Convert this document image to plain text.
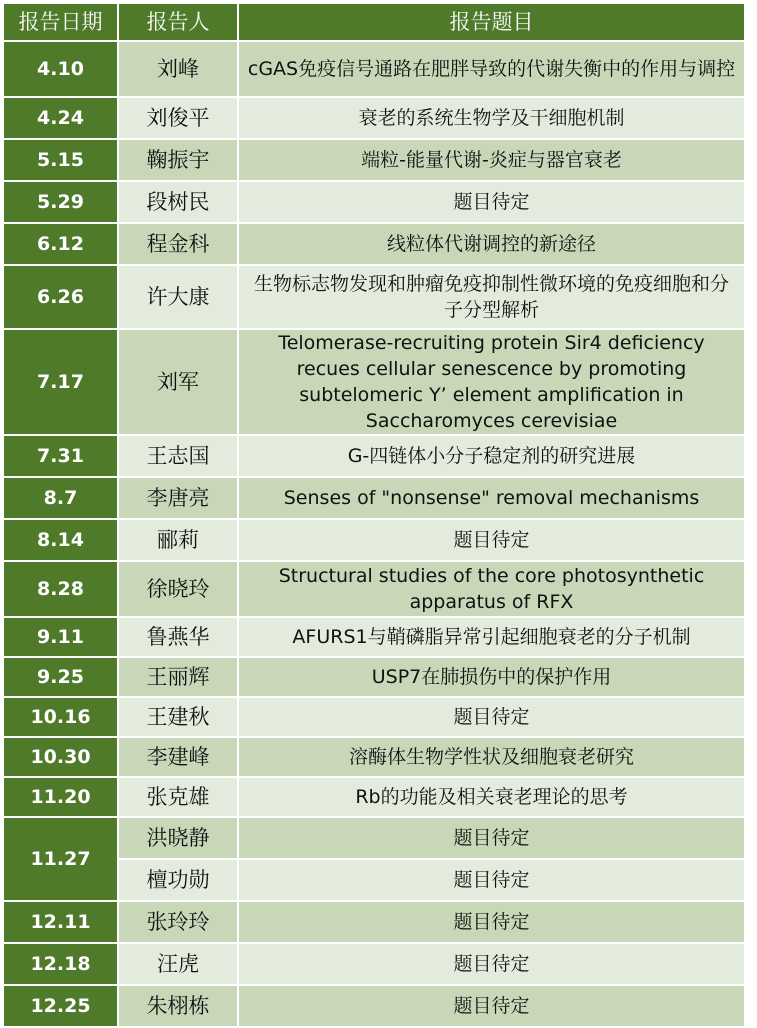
报告日期	报告人	报告题目
4.10	刘峰	cGAS免疫信号通路在肥胖导致的代谢失衡中的作用与调控
4.24	刘俊平	衰老的系统生物学及干细胞机制
5.15	鞠振宇	端粒-能量代谢-炎症与器官衰老
5.29	段树民	题目待定
6.12	程金科	线粒体代谢调控的新途径
6.26	许大康	生物标志物发现和肿瘤免疫抑制性微环境的免疫细胞和分子分型解析
7.17	刘军	Telomerase-recruiting protein Sir4 deficiency recues cellular senescence by promoting subtelomeric Y’ element amplification in Saccharomyces cerevisiae
7.31	王志国	G-四链体小分子稳定剂的研究进展
8.7	李唐亮	Senses of "nonsense" removal mechanisms
8.14	郦莉	题目待定
8.28	徐晓玲	Structural studies of the core photosynthetic apparatus of RFX
9.11	鲁燕华	AFURS1与鞘磷脂异常引起细胞衰老的分子机制
9.25	王丽辉	USP7在肺损伤中的保护作用
10.16	王建秋	题目待定
10.30	李建峰	溶酶体生物学性状及细胞衰老研究
11.20	张克雄	Rb的功能及相关衰老理论的思考
11.27	洪晓静	题目待定
	檀功勋	题目待定
12.11	张玲玲	题目待定
12.18	汪虎	题目待定
12.25	朱栩栋	题目待定
